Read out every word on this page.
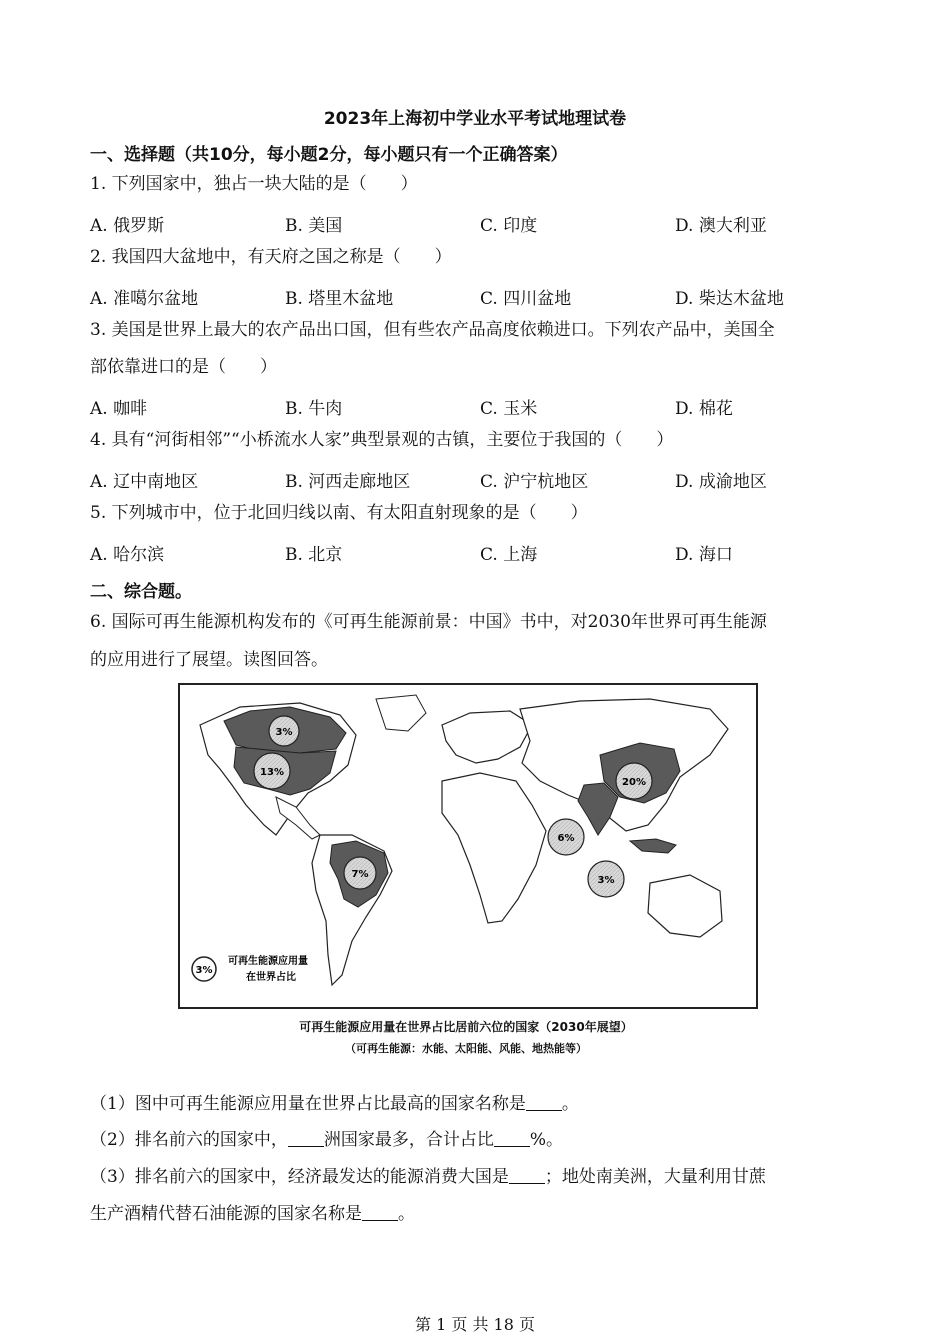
2023年上海初中学业水平考试地理试卷
一、选择题（共10分，每小题2分，每小题只有一个正确答案）
1. 下列国家中，独占一块大陆的是（　　）
A. 俄罗斯	B. 美国	C. 印度	D. 澳大利亚
2. 我国四大盆地中，有天府之国之称是（　　）
A. 准噶尔盆地	B. 塔里木盆地	C. 四川盆地	D. 柴达木盆地
3. 美国是世界上最大的农产品出口国，但有些农产品高度依赖进口。下列农产品中，美国全
部依靠进口的是（　　）
A. 咖啡	B. 牛肉	C. 玉米	D. 棉花
4. 具有“河街相邻”“小桥流水人家”典型景观的古镇，主要位于我国的（　　）
A. 辽中南地区	B. 河西走廊地区	C. 沪宁杭地区	D. 成渝地区
5. 下列城市中，位于北回归线以南、有太阳直射现象的是（　　）
A. 哈尔滨	B. 北京	C. 上海	D. 海口
二、综合题。
6. 国际可再生能源机构发布的《可再生能源前景：中国》书中，对2030年世界可再生能源
的应用进行了展望。读图回答。
3%
13%
7%
6%
3%
20%
3%
可再生能源应用量
在世界占比
可再生能源应用量在世界占比居前六位的国家（2030年展望）
（可再生能源：水能、太阳能、风能、地热能等）
（1）图中可再生能源应用量在世界占比最高的国家名称是 。
（2）排名前六的国家中， 洲国家最多，合计占比 %。
（3）排名前六的国家中，经济最发达的能源消费大国是 ；地处南美洲，大量利用甘蔗
生产酒精代替石油能源的国家名称是 。
第 1 页 共 18 页
